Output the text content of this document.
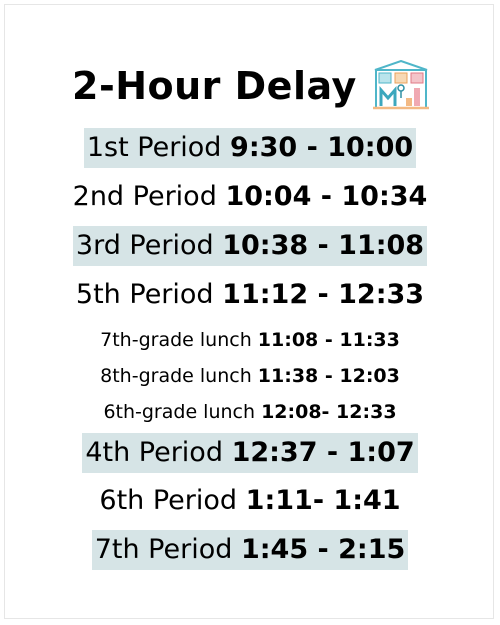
2-Hour Delay
1st Period 9:30 - 10:00
2nd Period 10:04 - 10:34
3rd Period 10:38 - 11:08
5th Period 11:12 - 12:33
7th-grade lunch 11:08 - 11:33
8th-grade lunch 11:38 - 12:03
6th-grade lunch 12:08- 12:33
4th Period 12:37 - 1:07
6th Period 1:11- 1:41
7th Period 1:45 - 2:15
